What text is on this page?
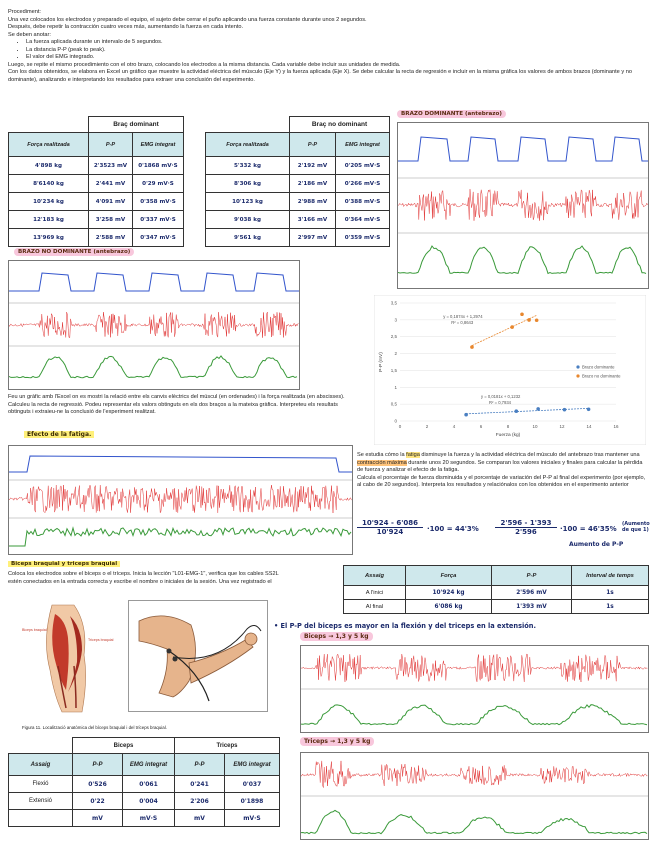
Procediment:
Una vez colocados los electrodos y preparado el equipo, el sujeto debe cerrar el puño aplicando una fuerza constante durante unos 2 segundos.
Después, debe repetir la contracción cuatro veces más, aumentando la fuerza en cada intento.
Se deben anotar:
• La fuerza aplicada durante un intervalo de 5 segundos.
• La distancia P-P (peak to peak).
• El valor del EMG integrado.
Luego, se repite el mismo procedimiento con el otro brazo, colocando los electrodos a la misma distancia. Cada variable debe incluir sus unidades de medida.
Con los datos obtenidos, se elabora en Excel un gráfico que muestre la actividad eléctrica del músculo (Eje Y) y la fuerza aplicada (Eje X). Se debe calcular la recta de regresión e incluir en la misma gráfica los valores de ambos brazos (dominante y no dominante), analizando e interpretando los resultados para extraer una conclusión del experimento.
	Braç dominant	
Força realitzada	P-P	EMG integrat
4'898 kg	2'3523 mV	0'1868 mV·S
8'6140 kg	2'441 mV	0'29 mV·S
10'234 kg	4'091 mV	0'358 mV·S
12'183 kg	3'258 mV	0'337 mV·S
13'969 kg	2'588 mV	0'347 mV·S
	Braç no dominant	
Força realitzada	P-P	EMG integrat
5'332 kg	2'192 mV	0'205 mV·S
8'306 kg	2'186 mV	0'266 mV·S
10'123 kg	2'988 mV	0'388 mV·S
9'038 kg	3'166 mV	0'364 mV·S
9'561 kg	2'997 mV	0'359 mV·S
BRAZO DOMINANTE (antebrazo)
BRAZO NO DOMINANTE (antebrazo)
0
0,5
1
1,5
2
2,5
3
3,5
0	2	4	6	8	10	12	14	16
Fuerza (kg)
P-P (mV)
y = 0,0181x + 0,1232
R² = 0,7934
Brazo dominante
y = 0,1874x + 1,2974
R² = 0,8643
Brazo no dominante
Feu un gràfic amb l'Excel on es mostri la relació entre els canvis elèctrics del múscul (en ordenades) i la força realitzada (en abscisses). Calculeu la recta de regressió. Podeu representar els valors obtinguts en els dos braços a la mateixa gràfica. Interpreteu els resultats obtinguts i extraieu-ne la conclusió de l'experiment realitzat.
Efecto de la fatiga.
Se estudia cómo la fatiga disminuye la fuerza y la actividad eléctrica del músculo del antebrazo tras mantener una contracción máxima durante unos 20 segundos. Se comparan los valores iniciales y finales para calcular la pérdida de fuerza y analizar el efecto de la fatiga.
Calcula el porcentaje de fuerza disminuida y el porcentaje de variación del P-P al final del experimento (por ejemplo, al cabo de 20 segundos). Interpreta los resultados y relaciónalos con los obtenidos en el experimento anterior
$\frac{10'924 - 6'086}{10'924} \cdot 100 = 44'3\% \frac{2'596 - 1'393}{2'596} \cdot 100 = 46'35\%$
Aumento de P-P
(Aumento de que 1)
Assaig	Força	P-P	Interval de temps
A l'inici	10'924 kg	2'596 mV	1s
Al final	6'086 kg	1'393 mV	1s
Biceps braquial y triceps braquial
Coloca los electrodos sobre el bíceps o el tríceps. Inicia la lección "L01-EMG-1", verifica que los cables SS2L estén conectados en la entrada correcta y escribe el nombre o iniciales de la sesión. Una vez registrado el
Biceps braquial
Triceps braquial
Figura 11. Localització anatòmica del bíceps braquial i del tríceps braquial.
	Biceps		Triceps	
Assaig	P-P	EMG integrat	P-P	EMG integrat
Flexió	0'526	0'061	0'241	0'037
Extensió	0'22	0'004	2'206	0'1898
	mV	mV·S	mV	mV·S
• El P-P del biceps es mayor en la flexión y del triceps en la extensión.
Biceps → 1,3 y 5 kg
Triceps → 1,3 y 5 kg
